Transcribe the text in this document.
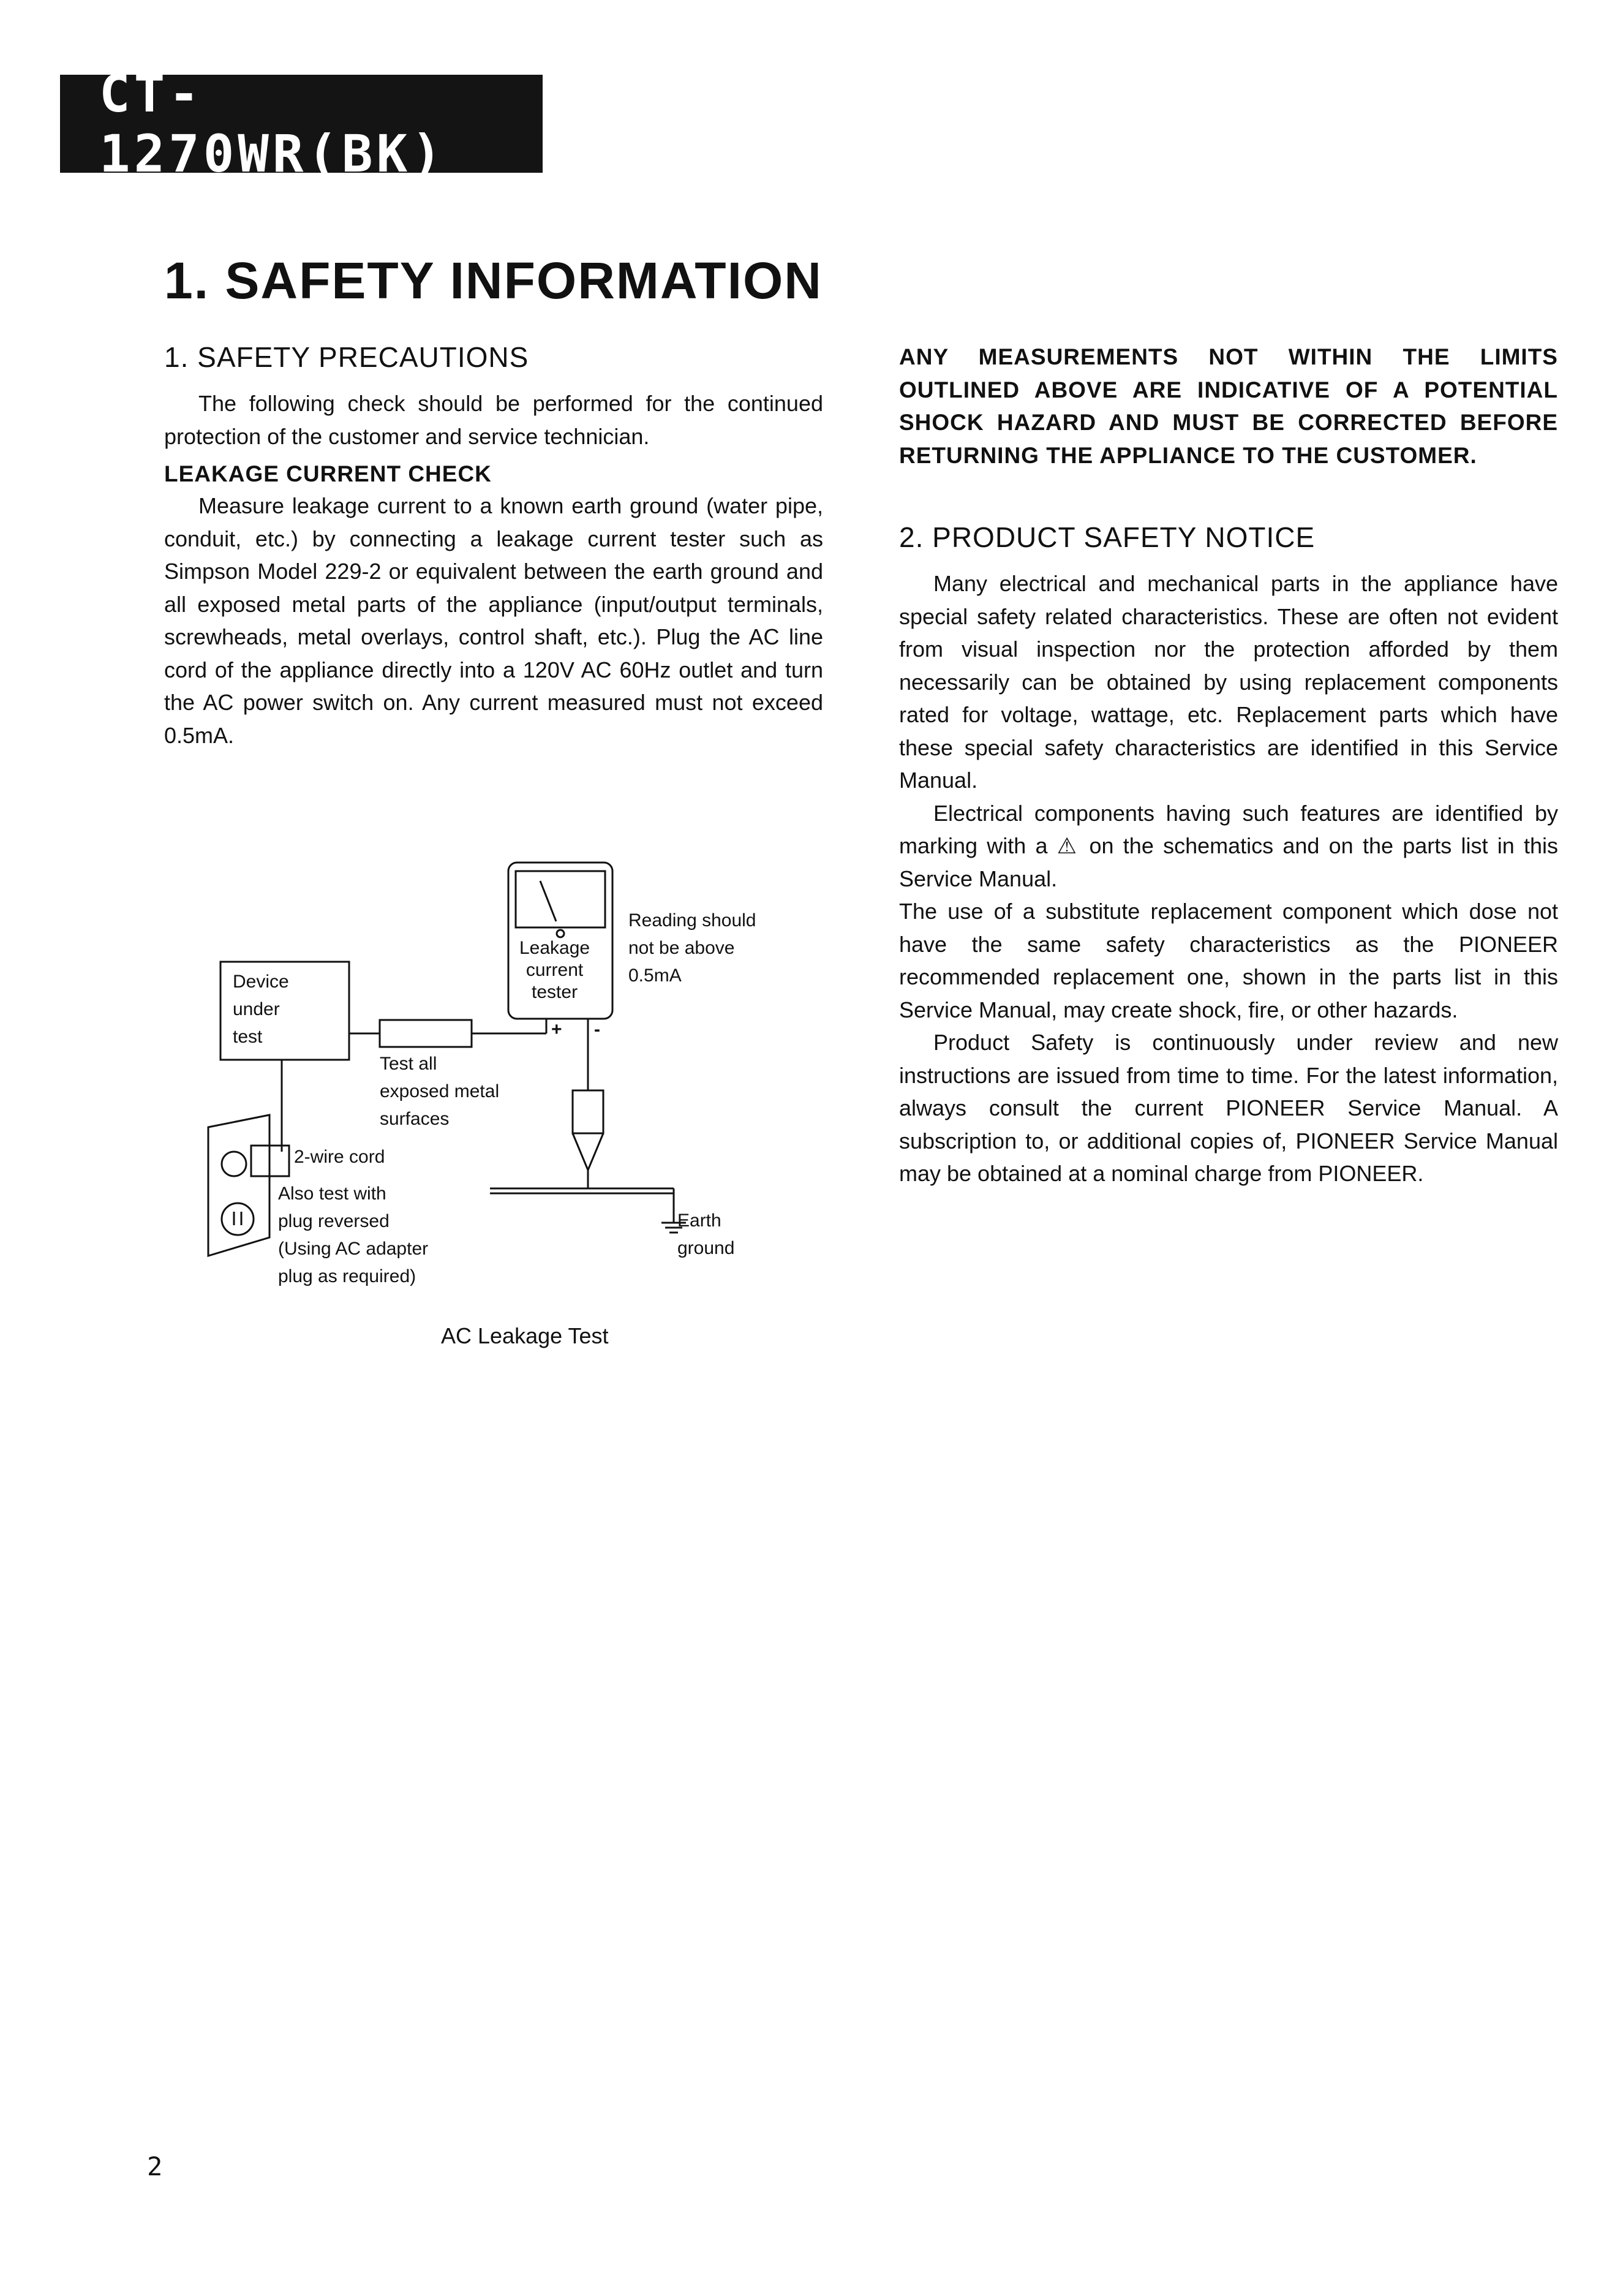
CT-1270WR(BK)
1. SAFETY INFORMATION
1. SAFETY PRECAUTIONS

The following check should be performed for the continued protection of the customer and service technician.

LEAKAGE CURRENT CHECK

Measure leakage current to a known earth ground (water pipe, conduit, etc.) by connecting a leakage current tester such as Simpson Model 229-2 or equivalent between the earth ground and all exposed metal parts of the appliance (input/output terminals, screwheads, metal overlays, control shaft, etc.). Plug the AC line cord of the appliance directly into a 120V AC 60Hz outlet and turn the AC power switch on. Any current measured must not exceed 0.5mA.

Device
under
test
Leakage
current
tester
Reading should
not be above
0.5mA
+ -
Test all
exposed metal
surfaces
2-wire cord
Also test with
plug reversed
(Using AC adapter
plug as required)
Earth
ground
AC Leakage Test

ANY MEASUREMENTS NOT WITHIN THE LIMITS OUTLINED ABOVE ARE INDICATIVE OF A POTENTIAL SHOCK HAZARD AND MUST BE CORRECTED BEFORE RETURNING THE APPLIANCE TO THE CUSTOMER.

2. PRODUCT SAFETY NOTICE

Many electrical and mechanical parts in the appliance have special safety related characteristics. These are often not evident from visual inspection nor the protection afforded by them necessarily can be obtained by using replacement components rated for voltage, wattage, etc. Replacement parts which have these special safety characteristics are identified in this Service Manual.

Electrical components having such features are identified by marking with a ⚠ on the schematics and on the parts list in this Service Manual.

The use of a substitute replacement component which dose not have the same safety characteristics as the PIONEER recommended replacement one, shown in the parts list in this Service Manual, may create shock, fire, or other hazards.

Product Safety is continuously under review and new instructions are issued from time to time. For the latest information, always consult the current PIONEER Service Manual. A subscription to, or additional copies of, PIONEER Service Manual may be obtained at a nominal charge from PIONEER.

2
